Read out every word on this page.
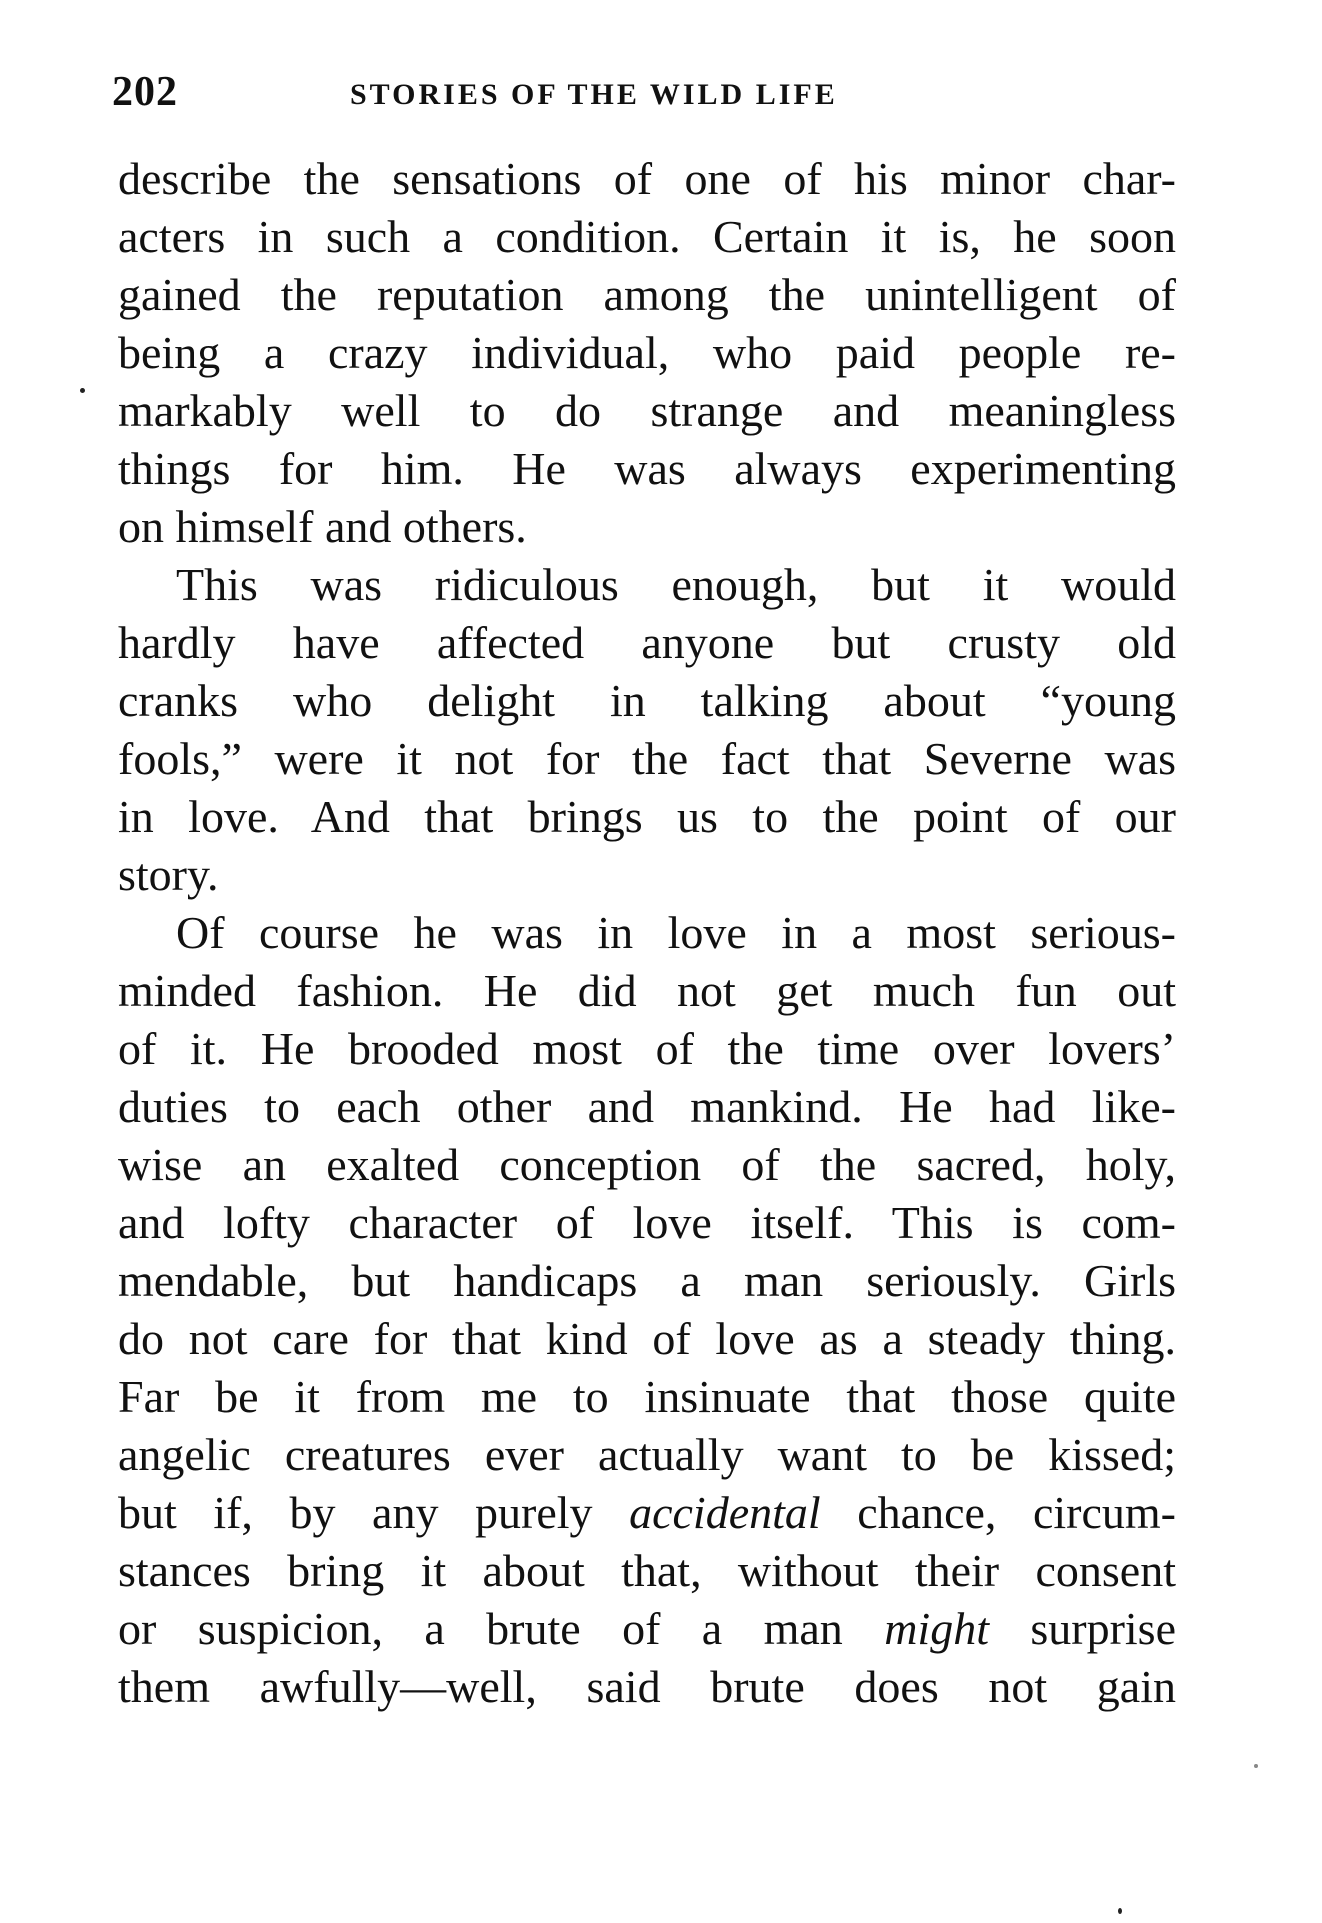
202	STORIES OF THE WILD LIFE
describe the sensations of one of his minor char-
acters in such a condition. Certain it is, he soon
gained the reputation among the unintelligent of
being a crazy individual, who paid people re-
markably well to do strange and meaningless
things for him. He was always experimenting
on himself and others.
This was ridiculous enough, but it would
hardly have affected anyone but crusty old
cranks who delight in talking about “young
fools,” were it not for the fact that Severne was
in love. And that brings us to the point of our
story.
Of course he was in love in a most serious-
minded fashion. He did not get much fun out
of it. He brooded most of the time over lovers’
duties to each other and mankind. He had like-
wise an exalted conception of the sacred, holy,
and lofty character of love itself. This is com-
mendable, but handicaps a man seriously. Girls
do not care for that kind of love as a steady thing.
Far be it from me to insinuate that those quite
angelic creatures ever actually want to be kissed;
but if, by any purely accidental chance, circum-
stances bring it about that, without their consent
or suspicion, a brute of a man might surprise
them awfully—well, said brute does not gain
